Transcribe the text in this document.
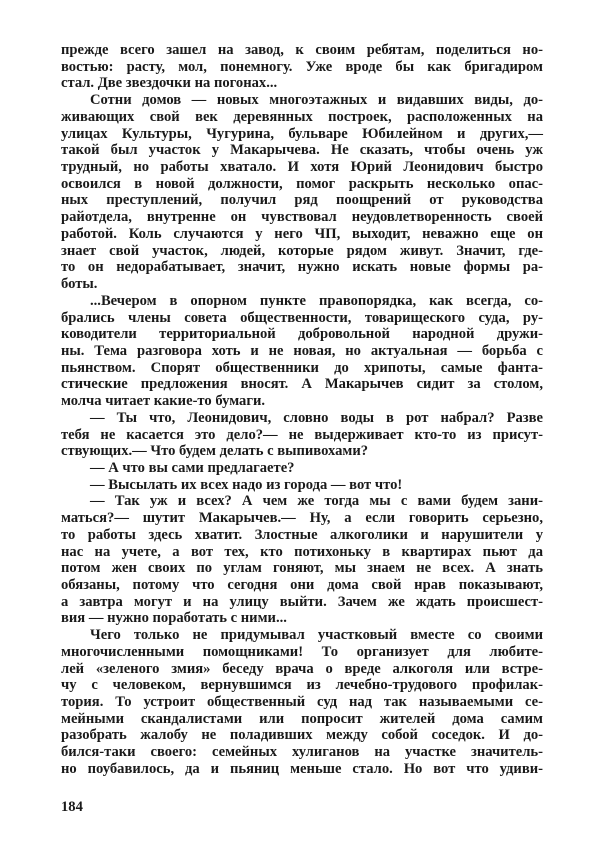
прежде всего зашел на завод, к своим ребятам, поделиться но-
востью: расту, мол, понемногу. Уже вроде бы как бригадиром
стал. Две звездочки на погонах...
Сотни домов — новых многоэтажных и видавших виды, до-
живающих свой век деревянных построек, расположенных на
улицах Культуры, Чугурина, бульваре Юбилейном и других,—
такой был участок у Макарычева. Не сказать, чтобы очень уж
трудный, но работы хватало. И хотя Юрий Леонидович быстро
освоился в новой должности, помог раскрыть несколько опас-
ных преступлений, получил ряд поощрений от руководства
райотдела, внутренне он чувствовал неудовлетворенность своей
работой. Коль случаются у него ЧП, выходит, неважно еще он
знает свой участок, людей, которые рядом живут. Значит, где-
то он недорабатывает, значит, нужно искать новые формы ра-
боты.
...Вечером в опорном пункте правопорядка, как всегда, со-
брались члены совета общественности, товарищеского суда, ру-
ководители территориальной добровольной народной дружи-
ны. Тема разговора хоть и не новая, но актуальная — борьба с
пьянством. Спорят общественники до хрипоты, самые фанта-
стические предложения вносят. А Макарычев сидит за столом,
молча читает какие-то бумаги.
— Ты что, Леонидович, словно воды в рот набрал? Разве
тебя не касается это дело?— не выдерживает кто-то из присут-
ствующих.— Что будем делать с выпивохами?
— А что вы сами предлагаете?
— Высылать их всех надо из города — вот что!
— Так уж и всех? А чем же тогда мы с вами будем зани-
маться?— шутит Макарычев.— Ну, а если говорить серьезно,
то работы здесь хватит. Злостные алкоголики и нарушители у
нас на учете, а вот тех, кто потихоньку в квартирах пьют да
потом жен своих по углам гоняют, мы знаем не всех. А знать
обязаны, потому что сегодня они дома свой нрав показывают,
а завтра могут и на улицу выйти. Зачем же ждать происшест-
вия — нужно поработать с ними...
Чего только не придумывал участковый вместе со своими
многочисленными помощниками! То организует для любите-
лей «зеленого змия» беседу врача о вреде алкоголя или встре-
чу с человеком, вернувшимся из лечебно-трудового профилак-
тория. То устроит общественный суд над так называемыми се-
мейными скандалистами или попросит жителей дома самим
разобрать жалобу не поладивших между собой соседок. И до-
бился-таки своего: семейных хулиганов на участке значитель-
но поубавилось, да и пьяниц меньше стало. Но вот что удиви-
184
